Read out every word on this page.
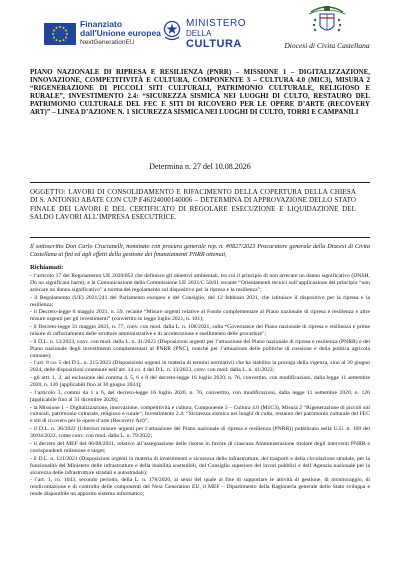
Finanziato
dall'Unione europea
NextGenerationEU
MINISTERO
DELLA
CULTURA	Diocesi di Civita Castellana
PIANO NAZIONALE DI RIPRESA E RESILIENZA (PNRR) – MISSIONE 1 – DIGITALIZZAZIONE, INNOVAZIONE, COMPETITIVITÀ E CULTURA, COMPONENTE 3 – CULTURA 4.0 (MIC3), MISURA 2 “RIGENERAZIONE DI PICCOLI SITI CULTURALI, PATRIMONIO CULTURALE, RELIGIOSO E RURALE”, INVESTIMENTO 2.4: “SICUREZZA SISMICA NEI LUOGHI DI CULTO, RESTAURO DEL PATRIMONIO CULTURALE DEL FEC E SITI DI RICOVERO PER LE OPERE D’ARTE (RECOVERY ART)” – LINEA D’AZIONE N. 1 SICUREZZA SISMICA NEI LUOGHI DI CULTO, TORRI E CAMPANILI
Determina n. 27 del 10.08.2026
OGGETTO: LAVORI DI CONSOLIDAMENTO E RIFACIMENTO DELLA COPERTURA DELLA CHIESA DI S. ANTONIO ABATE CON CUP F46J24000140006 – DETERMINA DI APPROVAZIONE DELLO STATO FINALE DEI LAVORI E DEL CERTIFICATO DI REGOLARE ESECUZIONE E LIQUIDAZIONE DEL SALDO LAVORI ALL’IMPRESA ESECUTRICE.
Il sottoscritto Don Carlo Crucianelli, nominato con procura generale rep. n. #0827/2023 Procuratore generale della Diocesi di Civita Castellana ai fini ed agli effetti della gestione dei finanziamenti PNRR ottenuti,
Richiamati:
- l’articolo 17 del Regolamento UE 2020/852 che definisce gli obiettivi ambientali, tra cui il principio di non arrecare un danno significativo (DNSH, Do no significant harm), e la Comunicazione della Commissione UE 2021/C 58/01 recante “Orientamenti tecnici sull’applicazione del principio “non arrecare un danno significativo” a norma del regolamento sul dispositivo per la ripresa e la resilienza”;
- il Regolamento (UE) 2021/241 del Parlamento europeo e del Consiglio, del 12 febbraio 2021, che istituisce il dispositivo per la ripresa e la resilienza;
- il Decreto-legge 6 maggio 2021, n. 59, recante “Misure urgenti relative al Fondo complementare al Piano nazionale di ripresa e resilienza e altre misure urgenti per gli investimenti” (convertito in legge luglio 2021, n. 101);
- il Decreto-legge 31 maggio 2021, n. 77, conv. con mod. dalla L. n. 108/2021, sulla “Governance del Piano nazionale di ripresa e resilienza e prime misure di rafforzamento delle strutture amministrative e di accelerazione e snellimento delle procedure”;
- il D.L. n. 13/2023, conv. con mod. dalla L. n. 41/2023 (Disposizioni urgenti per l’attuazione del Piano nazionale di ripresa e resilienza (PNRR) e del Piano nazionale degli investimenti complementari al PNRR (PNC), nonché per l’attuazione delle politiche di coesione e della politica agricola comune);
- l’art. 8 co. 5 del D.L. n. 215/2023 (Disposizioni urgenti in materia di termini normativi) che ha stabilito la proroga della vigenza, sino al 30 giugno 2024, delle disposizioni contenute nell’art. 14 co. 4 del D.L. n. 13/2023, conv. con mod. dalla L. n. 41/2023;
- gli artt. 1, 2, ad esclusione del comma 4, 5, 6 e 8 del decreto-legge 16 luglio 2020, n. 76, convertito, con modificazioni, dalla legge 11 settembre 2020, n. 120 [applicabili fino al 30 giugno 2024];
- l’articolo 3, commi da 1 a 6, del decreto-legge 16 luglio 2020, n. 76, convertito, con modificazioni, dalla legge 11 settembre 2020, n. 120 [applicabile fino al 31 dicembre 2026];
- la Missione 1 – Digitalizzazione, innovazione, competitività e cultura, Componente 3 – Cultura 4.0 (M1C3), Misura 2 “Rigenerazione di piccoli siti culturali, patrimonio culturale, religioso e rurale”, Investimento 2.4: “Sicurezza sismica nei luoghi di culto, restauro del patrimonio culturale del FEC e siti di ricovero per le opere d’arte (Recovery Art)”;
- il D.L. n. 36/2022 (Ulteriori misure urgenti per l’attuazione del Piano nazionale di ripresa e resilienza (PNRR)) pubblicato nella G.U. n. 100 del 30/04/2022, come conv. con mod. dalla L. n. 79/2022;
- il decreto del MEF del 06/08/2021, relativo all’assegnazione delle risorse in favore di ciascuna Amministrazione titolare degli interventi PNRR e corrispondenti milestone e target;
- il D.L. n. 121/2021 (Disposizioni urgenti in materia di investimenti e sicurezza delle infrastrutture, dei trasporti e della circolazione stradale, per la funzionalità del Ministero delle infrastrutture e della mobilità sostenibili, del Consiglio superiore dei lavori pubblici e dell’Agenzia nazionale per la sicurezza delle infrastrutture stradali e autostradali);
- l’art. 1, co. 1043, secondo periodo, della L. n. 178/2020, ai sensi del quale al fine di supportare le attività di gestione, di monitoraggio, di rendicontazione e di controllo delle componenti del Next Generation EU, il MEF – Dipartimento della Ragioneria generale dello Stato sviluppa e rende disponibile un apposito sistema informatico;
